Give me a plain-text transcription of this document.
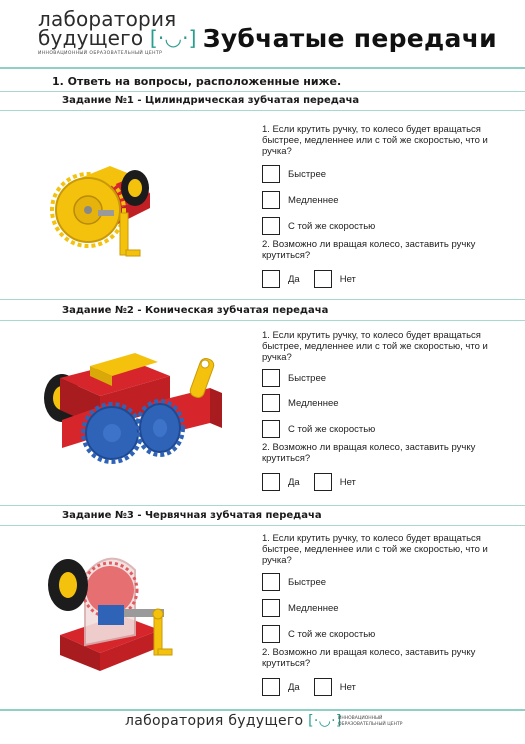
лаборатория
будущего [·◡·]
ИННОВАЦИОННЫЙ ОБРАЗОВАТЕЛЬНЫЙ ЦЕНТР
Зубчатые передачи
1. Ответь на вопросы, расположенные ниже.
Задание №1 - Цилиндрическая зубчатая передача
1. Если крутить ручку, то колесо будет вращаться быстрее, медленнее или с той же скоростью, что и ручка?
Быстрее
Медленнее
С той же скоростью
2. Возможно ли вращая колесо, заставить ручку крутиться?
Да	Нет
Задание №2 - Коническая зубчатая передача
1. Если крутить ручку, то колесо будет вращаться быстрее, медленнее или с той же скоростью, что и ручка?
Быстрее
Медленнее
С той же скоростью
2. Возможно ли вращая колесо, заставить ручку крутиться?
Да	Нет
Задание №3 - Червячная зубчатая передача
1. Если крутить ручку, то колесо будет вращаться быстрее, медленнее или с той же скоростью, что и ручка?
Быстрее
Медленнее
С той же скоростью
2. Возможно ли вращая колесо, заставить ручку крутиться?
Да	Нет
лаборатория будущего [·◡·]
ИННОВАЦИОННЫЙ ОБРАЗОВАТЕЛЬНЫЙ ЦЕНТР
